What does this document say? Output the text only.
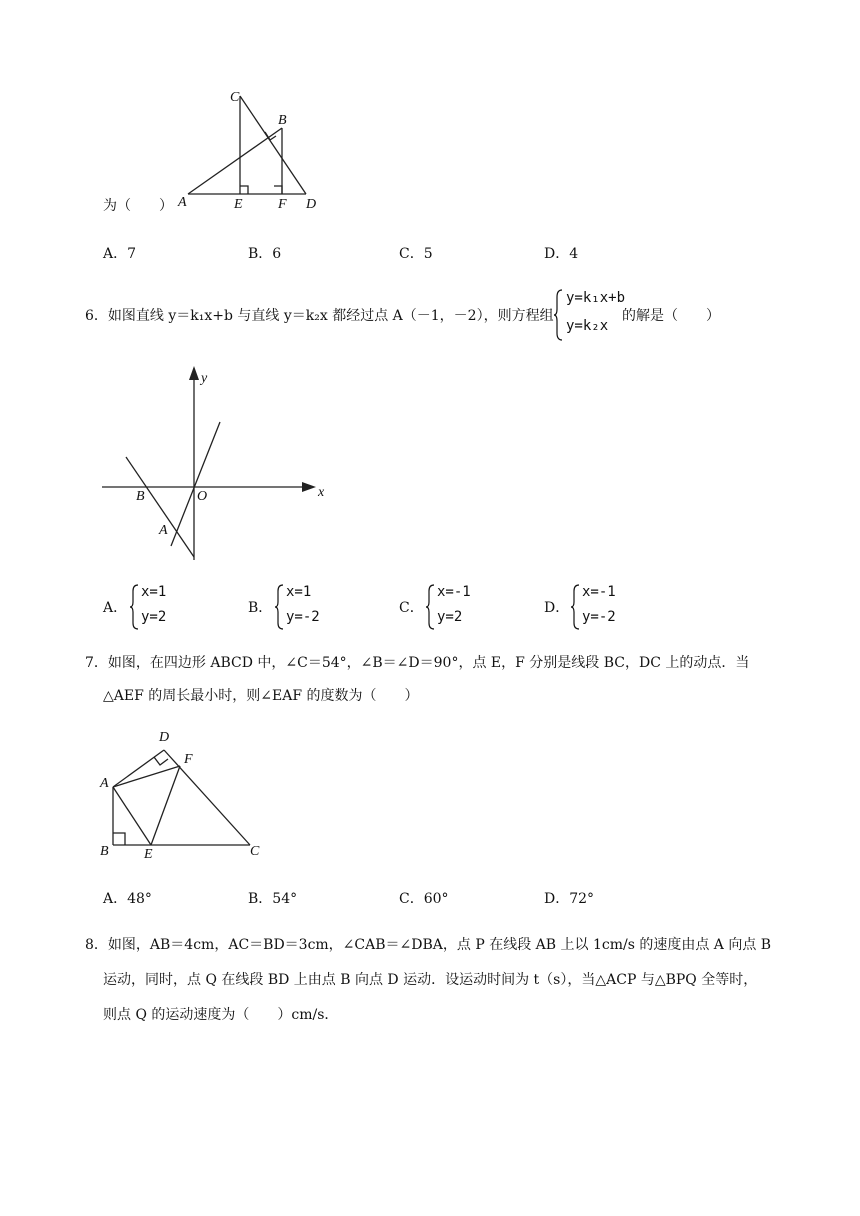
C
B
A	E	F D
为（　　）
A．7	B．6	C．5	D．4
6．如图直线 y＝k₁x+b 与直线 y＝k₂x 都经过点 A（－1，－2），则方程组
y=k₁x+b
y=k₂x
的解是（　　）
y
x
O
B
A
A．
x=1
y=2
B．
x=1
y=-2
C．
x=-1
y=2
D．
x=-1
y=-2
7．如图，在四边形 ABCD 中，∠C＝54°，∠B＝∠D＝90°，点 E，F 分别是线段 BC，DC 上的动点．当
△AEF 的周长最小时，则∠EAF 的度数为（　　）
D
F
A
B	E	C
A．48°	B．54°	C．60°	D．72°
8．如图，AB＝4cm，AC＝BD＝3cm，∠CAB＝∠DBA，点 P 在线段 AB 上以 1cm/s 的速度由点 A 向点 B
运动，同时，点 Q 在线段 BD 上由点 B 向点 D 运动．设运动时间为 t（s），当△ACP 与△BPQ 全等时，
则点 Q 的运动速度为（　　）cm/s．
